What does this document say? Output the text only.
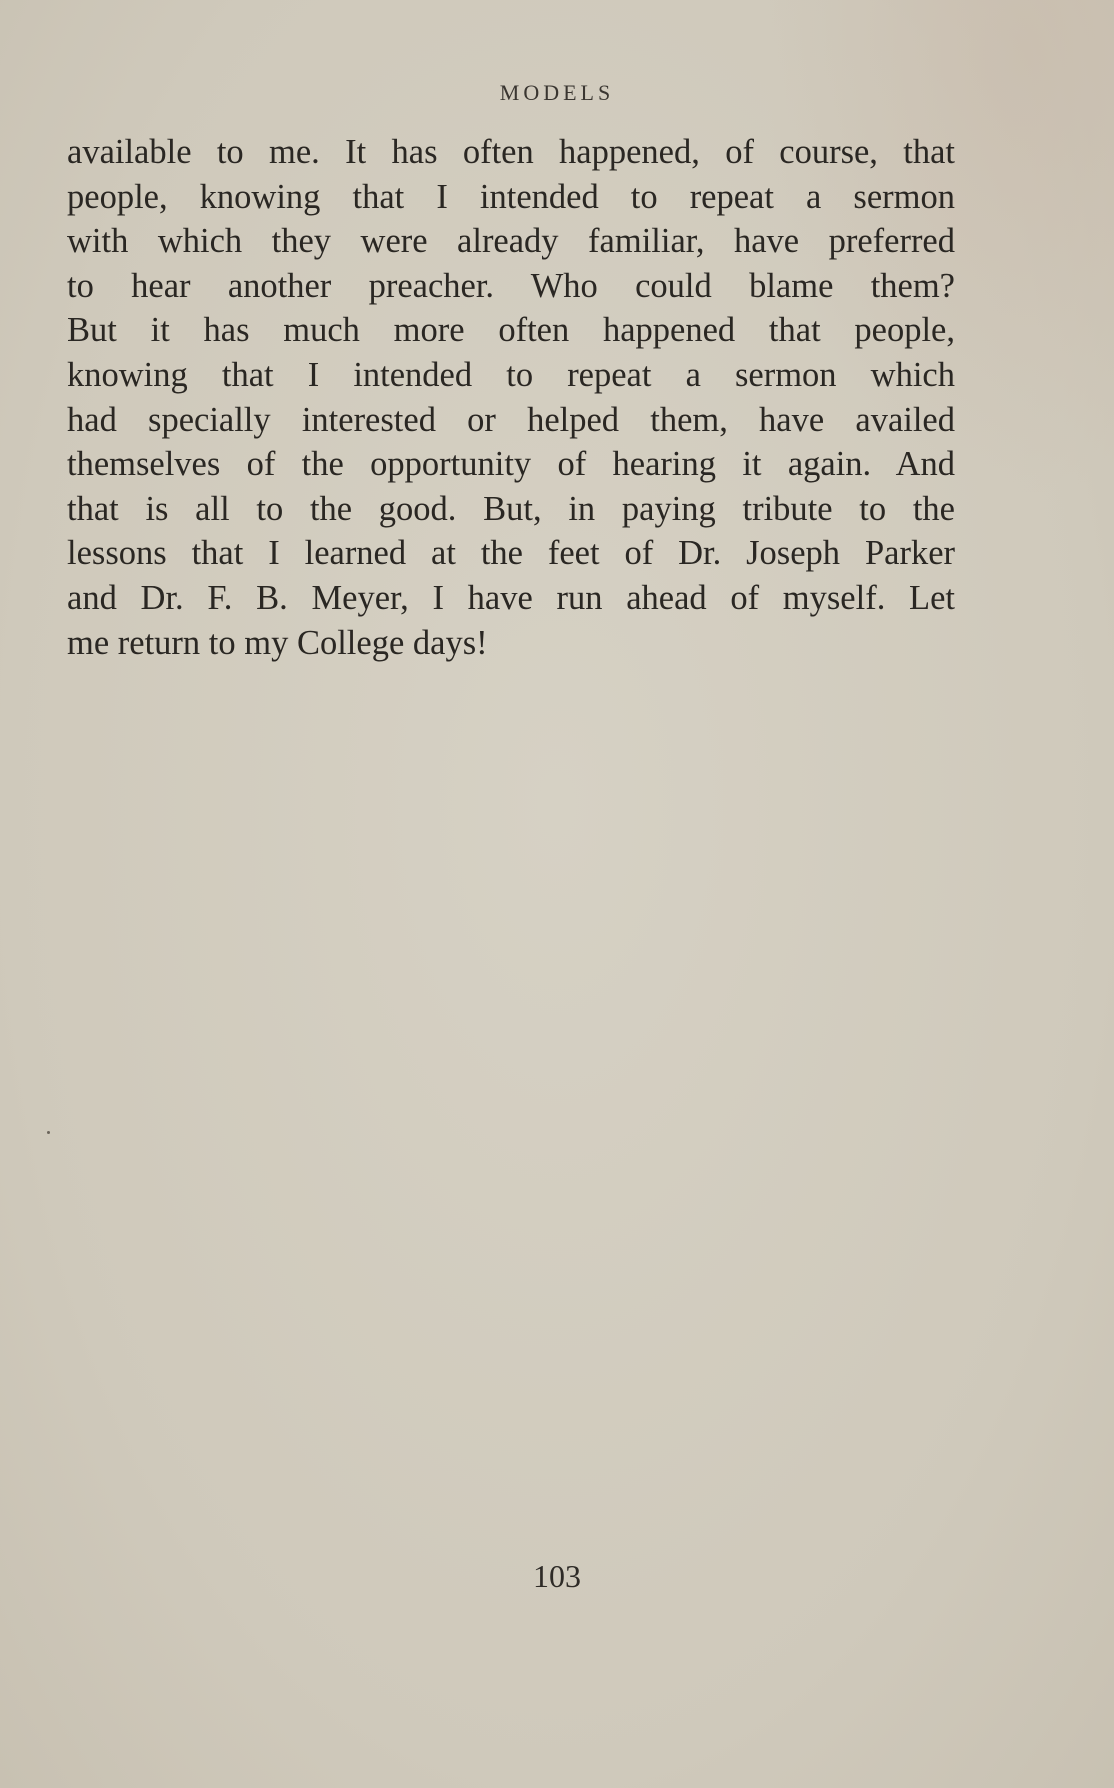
MODELS
available to me. It has often happened, of course, that
people, knowing that I intended to repeat a sermon
with which they were already familiar, have preferred
to hear another preacher. Who could blame them?
But it has much more often happened that people,
knowing that I intended to repeat a sermon which
had specially interested or helped them, have availed
themselves of the opportunity of hearing it again. And
that is all to the good. But, in paying tribute to the
lessons that I learned at the feet of Dr. Joseph Parker
and Dr. F. B. Meyer, I have run ahead of myself. Let
me return to my College days!
103
